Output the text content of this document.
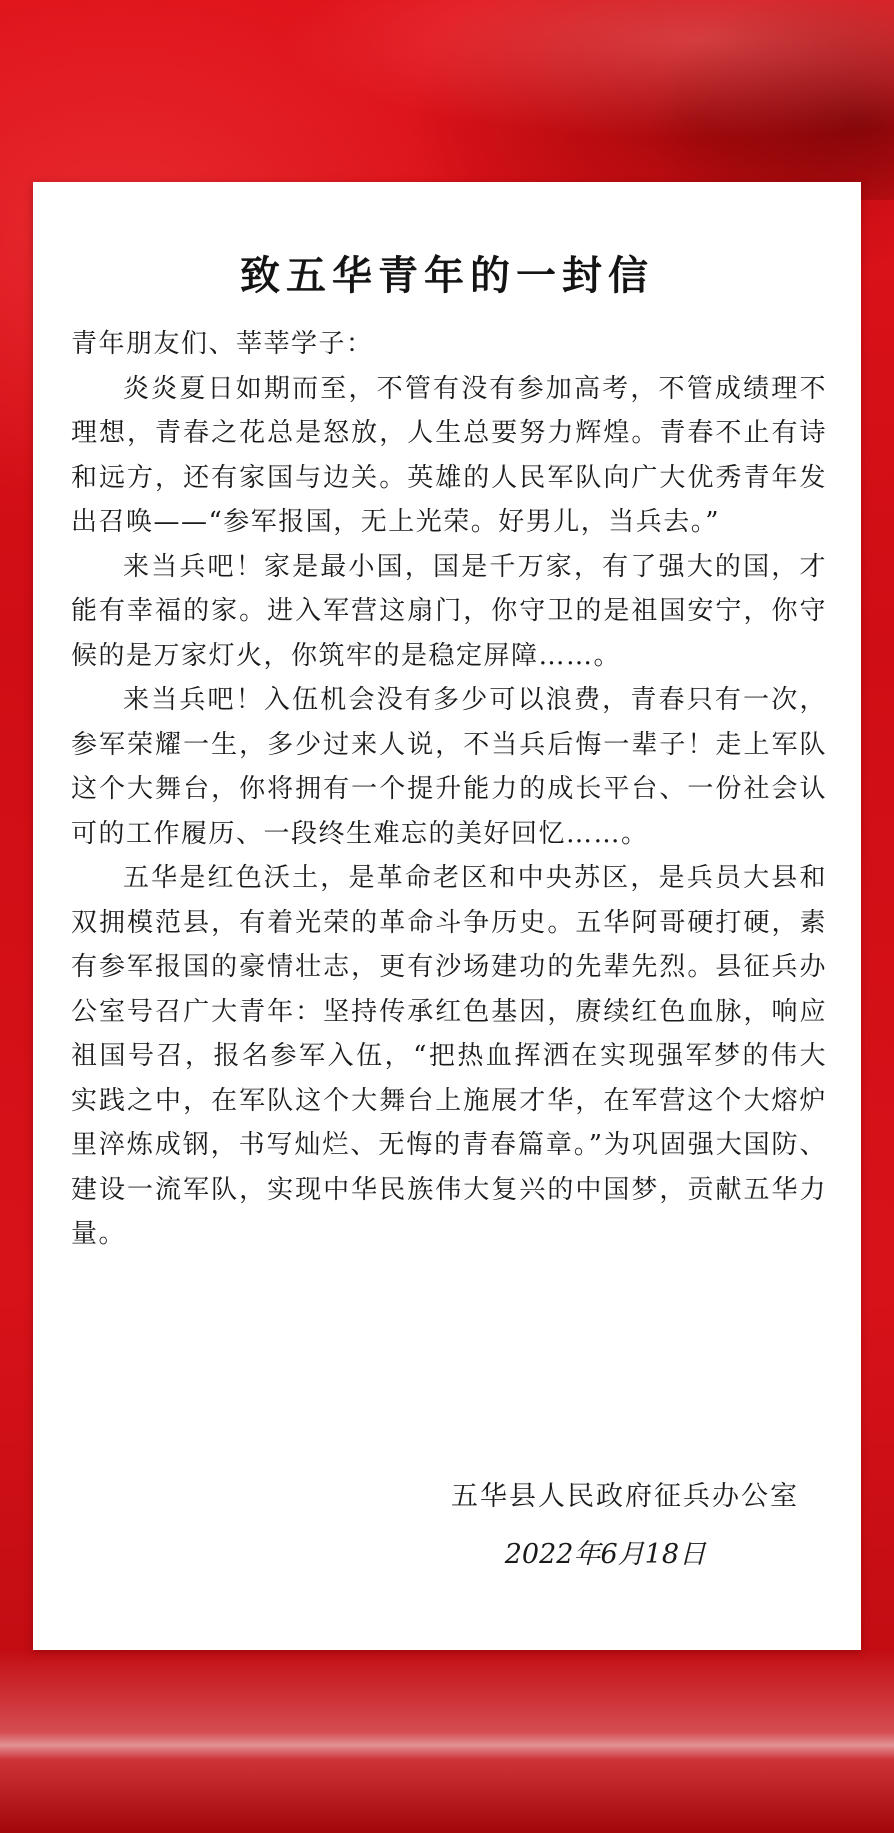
致五华青年的一封信

青年朋友们、莘莘学子：

炎炎夏日如期而至，不管有没有参加高考，不管成绩理不理想，青春之花总是怒放，人生总要努力辉煌。青春不止有诗和远方，还有家国与边关。英雄的人民军队向广大优秀青年发出召唤——“参军报国，无上光荣。好男儿，当兵去。”

来当兵吧！家是最小国，国是千万家，有了强大的国，才能有幸福的家。进入军营这扇门，你守卫的是祖国安宁，你守候的是万家灯火，你筑牢的是稳定屏障……。

来当兵吧！入伍机会没有多少可以浪费，青春只有一次，参军荣耀一生，多少过来人说，不当兵后悔一辈子！走上军队这个大舞台，你将拥有一个提升能力的成长平台、一份社会认可的工作履历、一段终生难忘的美好回忆……。

五华是红色沃土，是革命老区和中央苏区，是兵员大县和双拥模范县，有着光荣的革命斗争历史。五华阿哥硬打硬，素有参军报国的豪情壮志，更有沙场建功的先辈先烈。县征兵办公室号召广大青年：坚持传承红色基因，赓续红色血脉，响应祖国号召，报名参军入伍，“把热血挥洒在实现强军梦的伟大实践之中，在军队这个大舞台上施展才华，在军营这个大熔炉里淬炼成钢，书写灿烂、无悔的青春篇章。”为巩固强大国防、建设一流军队，实现中华民族伟大复兴的中国梦，贡献五华力量。

五华县人民政府征兵办公室

2022年6月18日
